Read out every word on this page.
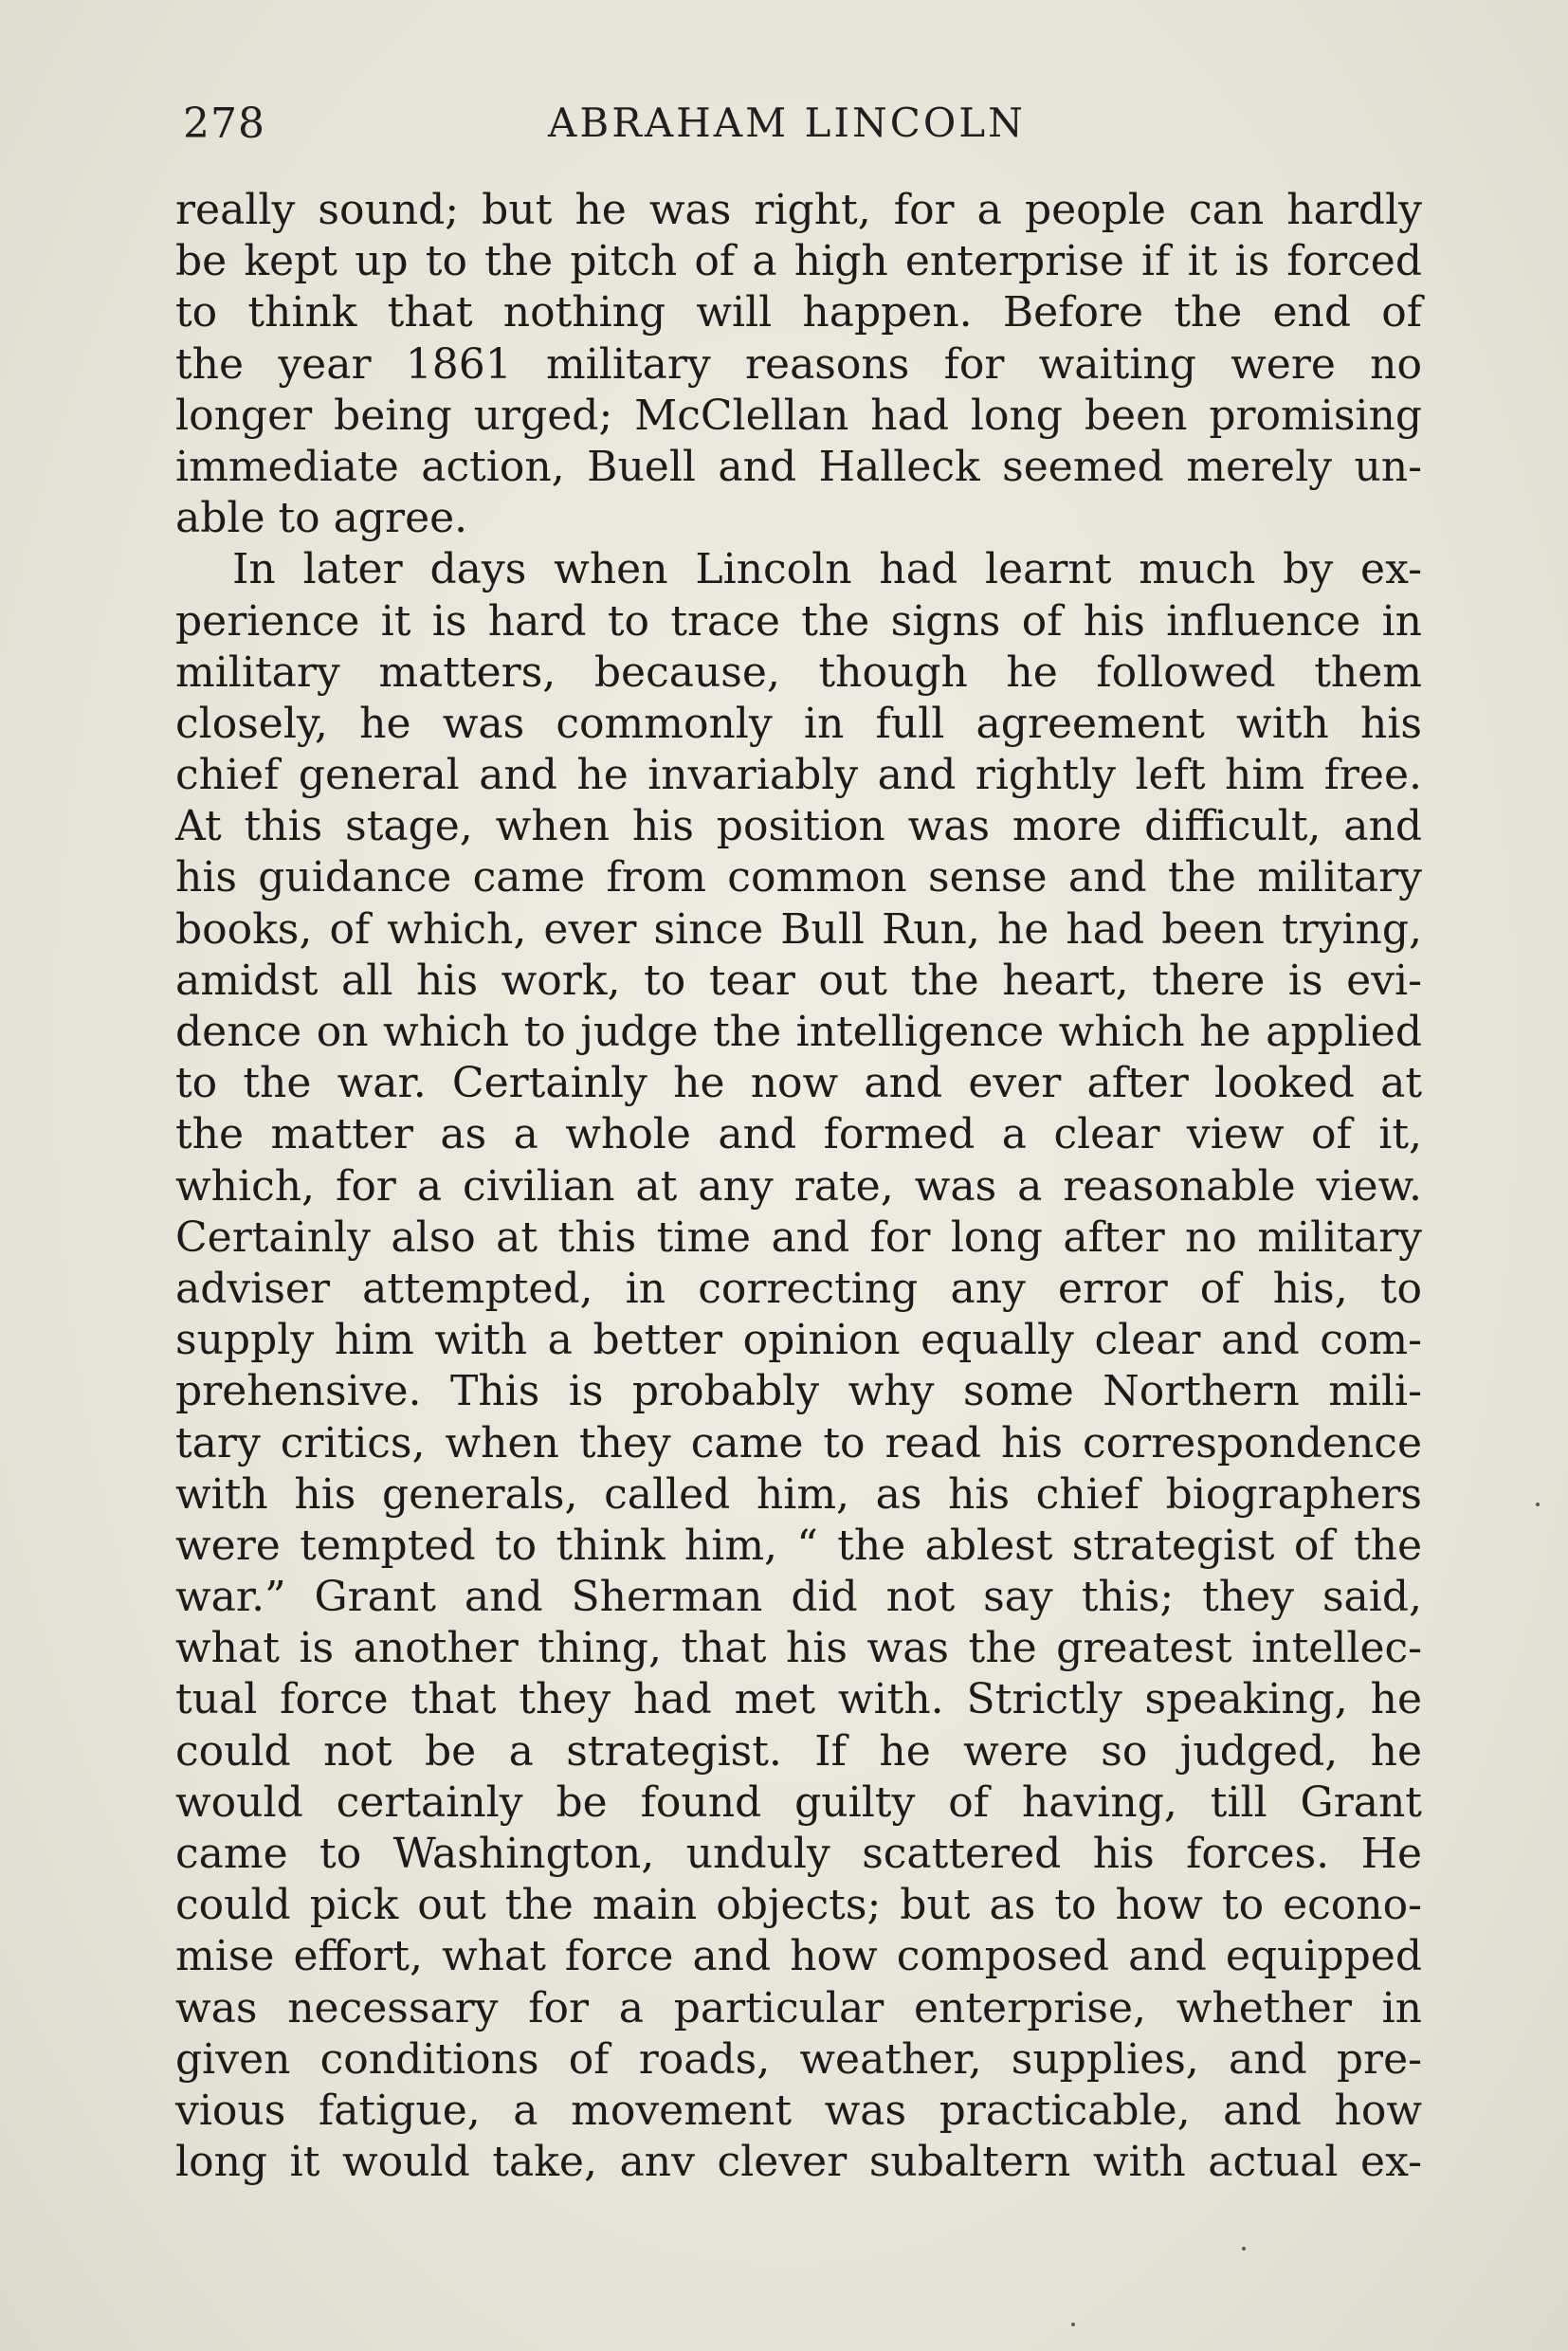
278	ABRAHAM LINCOLN
really sound; but he was right, for a people can hardly
be kept up to the pitch of a high enterprise if it is forced
to think that nothing will happen. Before the end of
the year 1861 military reasons for waiting were no
longer being urged; McClellan had long been promising
immediate action, Buell and Halleck seemed merely un-
able to agree.
In later days when Lincoln had learnt much by ex-
perience it is hard to trace the signs of his influence in
military matters, because, though he followed them
closely, he was commonly in full agreement with his
chief general and he invariably and rightly left him free.
At this stage, when his position was more difficult, and
his guidance came from common sense and the military
books, of which, ever since Bull Run, he had been trying,
amidst all his work, to tear out the heart, there is evi-
dence on which to judge the intelligence which he applied
to the war. Certainly he now and ever after looked at
the matter as a whole and formed a clear view of it,
which, for a civilian at any rate, was a reasonable view.
Certainly also at this time and for long after no military
adviser attempted, in correcting any error of his, to
supply him with a better opinion equally clear and com-
prehensive. This is probably why some Northern mili-
tary critics, when they came to read his correspondence
with his generals, called him, as his chief biographers
were tempted to think him, “ the ablest strategist of the
war.” Grant and Sherman did not say this; they said,
what is another thing, that his was the greatest intellec-
tual force that they had met with. Strictly speaking, he
could not be a strategist. If he were so judged, he
would certainly be found guilty of having, till Grant
came to Washington, unduly scattered his forces. He
could pick out the main objects; but as to how to econo-
mise effort, what force and how composed and equipped
was necessary for a particular enterprise, whether in
given conditions of roads, weather, supplies, and pre-
vious fatigue, a movement was practicable, and how
long it would take, anv clever subaltern with actual ex-
